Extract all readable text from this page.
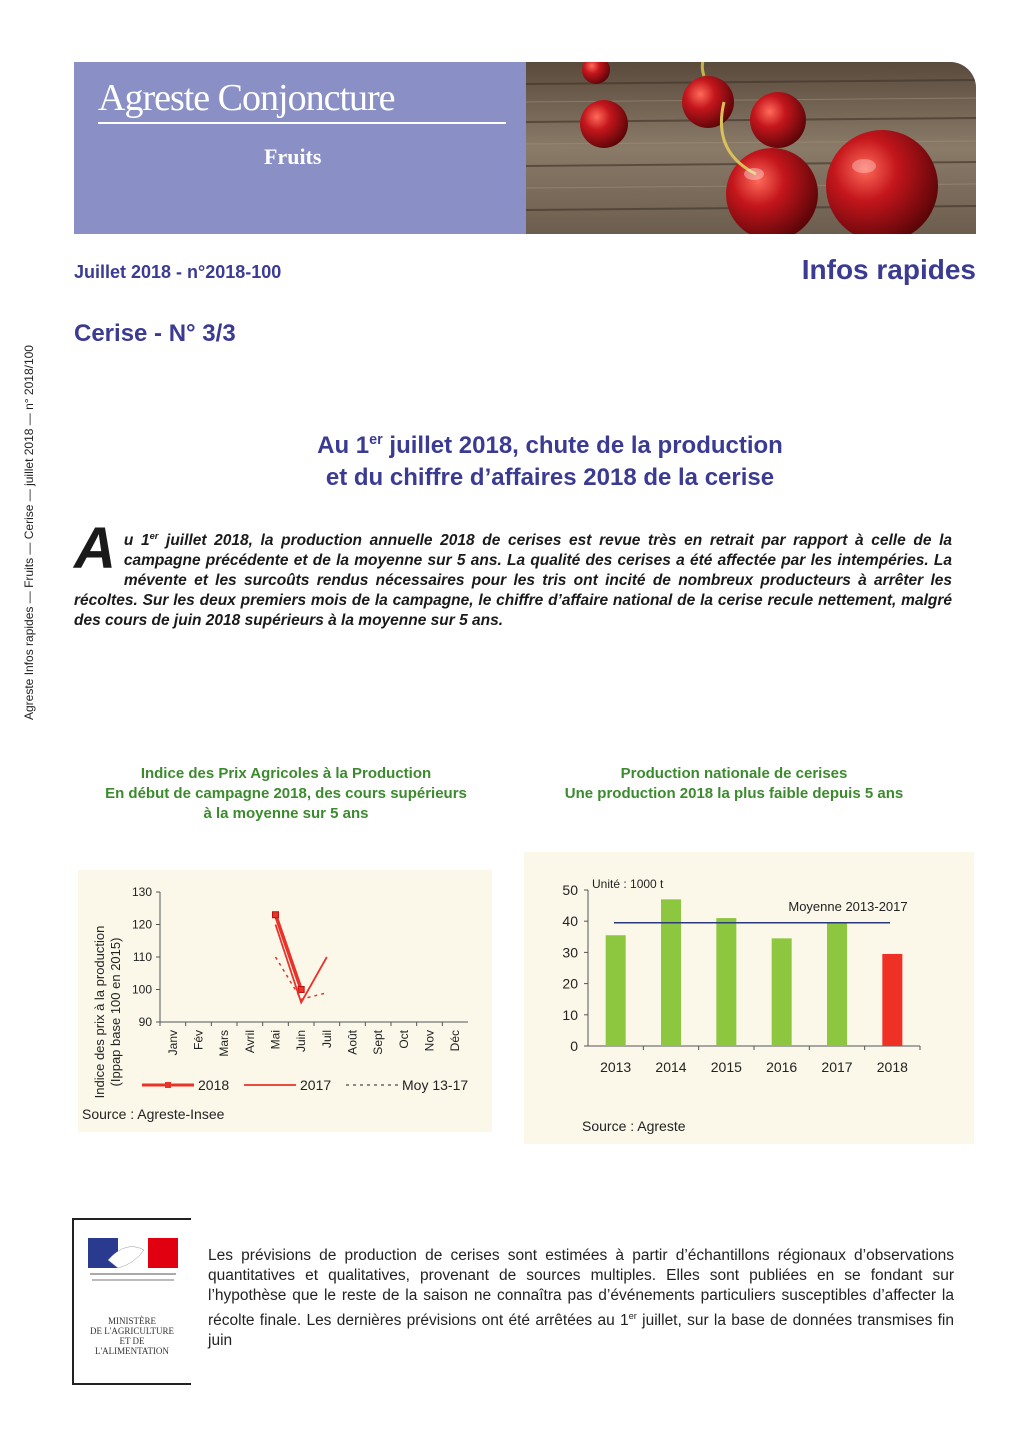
Agreste Infos rapides — Fruits — Cerise — juillet 2018 — n° 2018/100
Agreste Conjoncture
Fruits
Juillet 2018 - n°2018-100	Infos rapides
Cerise - N° 3/3
Au 1er juillet 2018, chute de la production
et du chiffre d’affaires 2018 de la cerise
Au 1er juillet 2018, la production annuelle 2018 de cerises est revue très en retrait par rapport à celle de la campagne précédente et de la moyenne sur 5 ans. La qualité des cerises a été affectée par les intempéries. La mévente et les surcoûts rendus nécessaires pour les tris ont incité de nombreux producteurs à arrêter les récoltes. Sur les deux premiers mois de la campagne, le chiffre d’affaire national de la cerise recule nettement, malgré des cours de juin 2018 supérieurs à la moyenne sur 5 ans.
Indice des Prix Agricoles à la Production
En début de campagne 2018, des cours supérieurs
à la moyenne sur 5 ans
Production nationale de cerises
Une production 2018 la plus faible depuis 5 ans
Indice des prix à la production (Ippap base 100 en 2015) 90
100
110
120
130
Janv Fév Mars Avril Mai Juin Juil Août Sept Oct Nov Déc
2018	2017	Moy 13-17
Source : Agreste-Insee
Unité : 1000 t
0
10
20
30
40
50
2013 2014 2015 2016 2017 2018
Moyenne 2013-2017
Source : Agreste
MINISTÈRE
DE L'AGRICULTURE
ET DE
L'ALIMENTATION
Les prévisions de production de cerises sont estimées à partir d’échantillons régionaux d’observations quantitatives et qualitatives, provenant de sources multiples. Elles sont publiées en se fondant sur l’hypothèse que le reste de la saison ne connaîtra pas d’événements particuliers susceptibles d’affecter la récolte finale. Les dernières prévisions ont été arrêtées au 1er juillet, sur la base de données transmises fin juin
